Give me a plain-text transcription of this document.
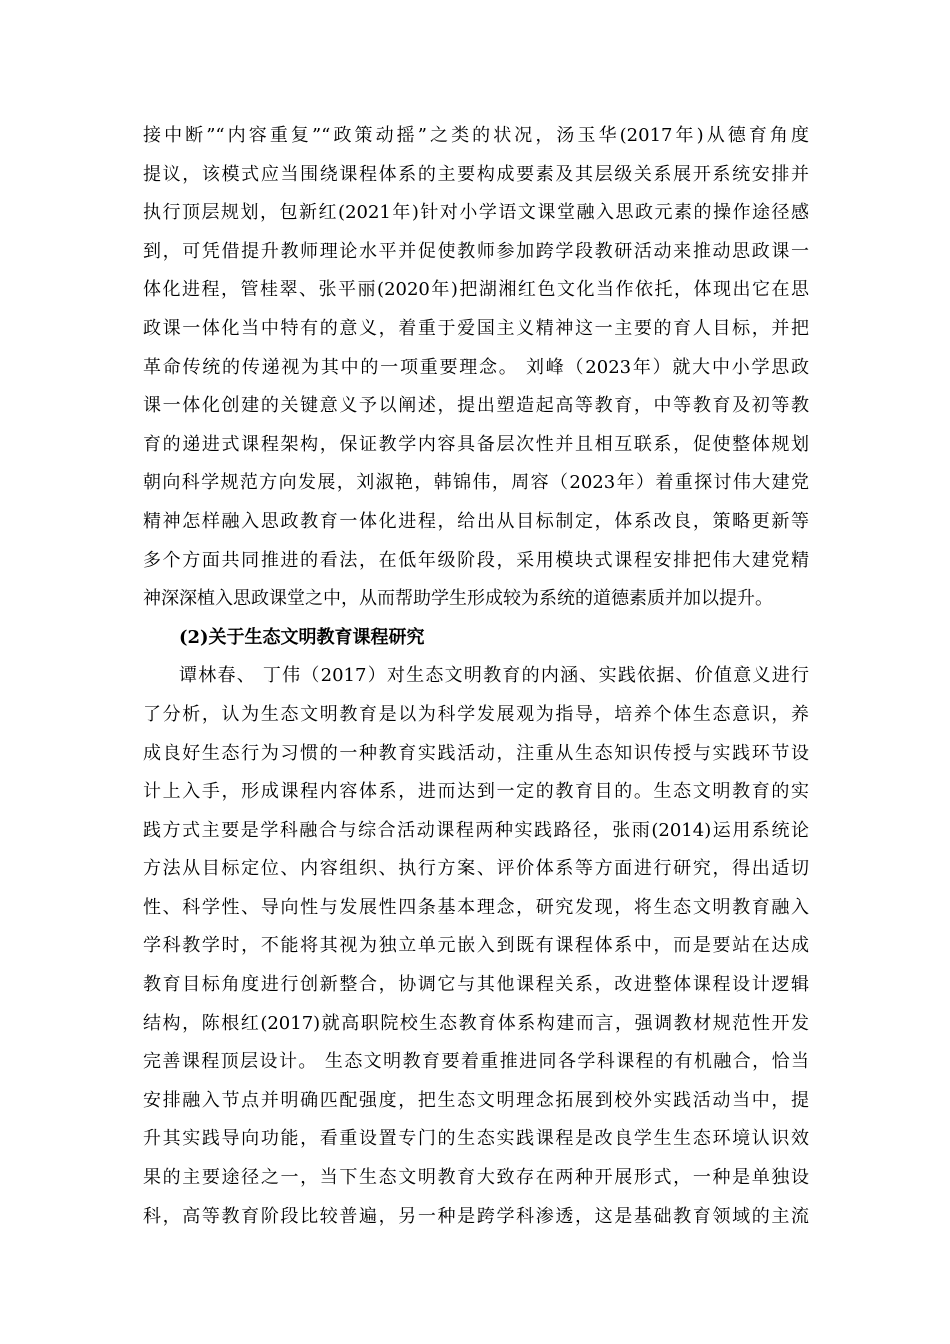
接中断”“内容重复”“政策动摇”之类的状况，汤玉华(2017年)从德育角度
提议，该模式应当围绕课程体系的主要构成要素及其层级关系展开系统安排并
执行顶层规划，包新红(2021年)针对小学语文课堂融入思政元素的操作途径感
到，可凭借提升教师理论水平并促使教师参加跨学段教研活动来推动思政课一
体化进程，管桂翠、张平丽(2020年)把湖湘红色文化当作依托，体现出它在思
政课一体化当中特有的意义，着重于爱国主义精神这一主要的育人目标，并把
革命传统的传递视为其中的一项重要理念。 刘峰（2023年）就大中小学思政
课一体化创建的关键意义予以阐述，提出塑造起高等教育，中等教育及初等教
育的递进式课程架构，保证教学内容具备层次性并且相互联系，促使整体规划
朝向科学规范方向发展，刘淑艳，韩锦伟，周容（2023年）着重探讨伟大建党
精神怎样融入思政教育一体化进程，给出从目标制定，体系改良，策略更新等
多个方面共同推进的看法，在低年级阶段，采用模块式课程安排把伟大建党精
神深深植入思政课堂之中，从而帮助学生形成较为系统的道德素质并加以提升。
(2)关于生态文明教育课程研究
谭林春、 丁伟（2017）对生态文明教育的内涵、实践依据、价值意义进行
了分析，认为生态文明教育是以为科学发展观为指导，培养个体生态意识，养
成良好生态行为习惯的一种教育实践活动，注重从生态知识传授与实践环节设
计上入手，形成课程内容体系，进而达到一定的教育目的。生态文明教育的实
践方式主要是学科融合与综合活动课程两种实践路径，张雨(2014)运用系统论
方法从目标定位、内容组织、执行方案、评价体系等方面进行研究，得出适切
性、科学性、导向性与发展性四条基本理念，研究发现，将生态文明教育融入
学科教学时，不能将其视为独立单元嵌入到既有课程体系中，而是要站在达成
教育目标角度进行创新整合，协调它与其他课程关系，改进整体课程设计逻辑
结构，陈根红(2017)就高职院校生态教育体系构建而言，强调教材规范性开发
完善课程顶层设计。 生态文明教育要着重推进同各学科课程的有机融合，恰当
安排融入节点并明确匹配强度，把生态文明理念拓展到校外实践活动当中，提
升其实践导向功能，看重设置专门的生态实践课程是改良学生生态环境认识效
果的主要途径之一，当下生态文明教育大致存在两种开展形式，一种是单独设
科，高等教育阶段比较普遍，另一种是跨学科渗透，这是基础教育领域的主流
